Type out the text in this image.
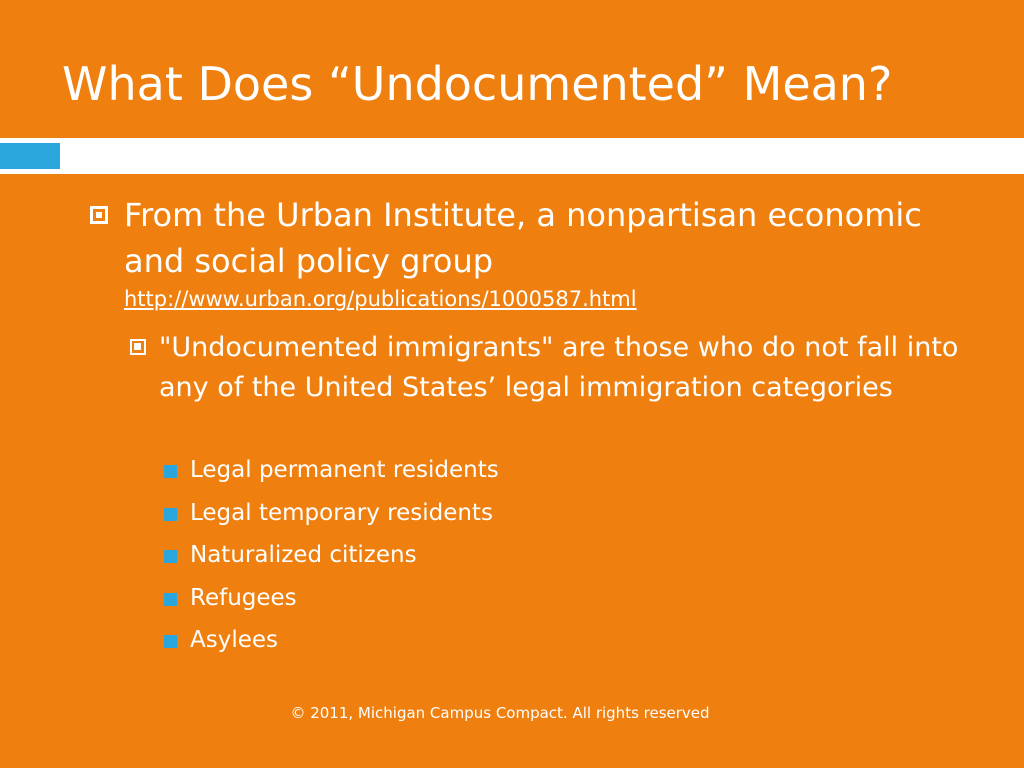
What Does “Undocumented” Mean?
From the Urban Institute, a nonpartisan economic and social policy group
http://www.urban.org/publications/1000587.html
"Undocumented immigrants" are those who do not fall into any of the United States’ legal immigration categories
Legal permanent residents
Legal temporary residents
Naturalized citizens
Refugees
Asylees
© 2011, Michigan Campus Compact. All rights reserved
